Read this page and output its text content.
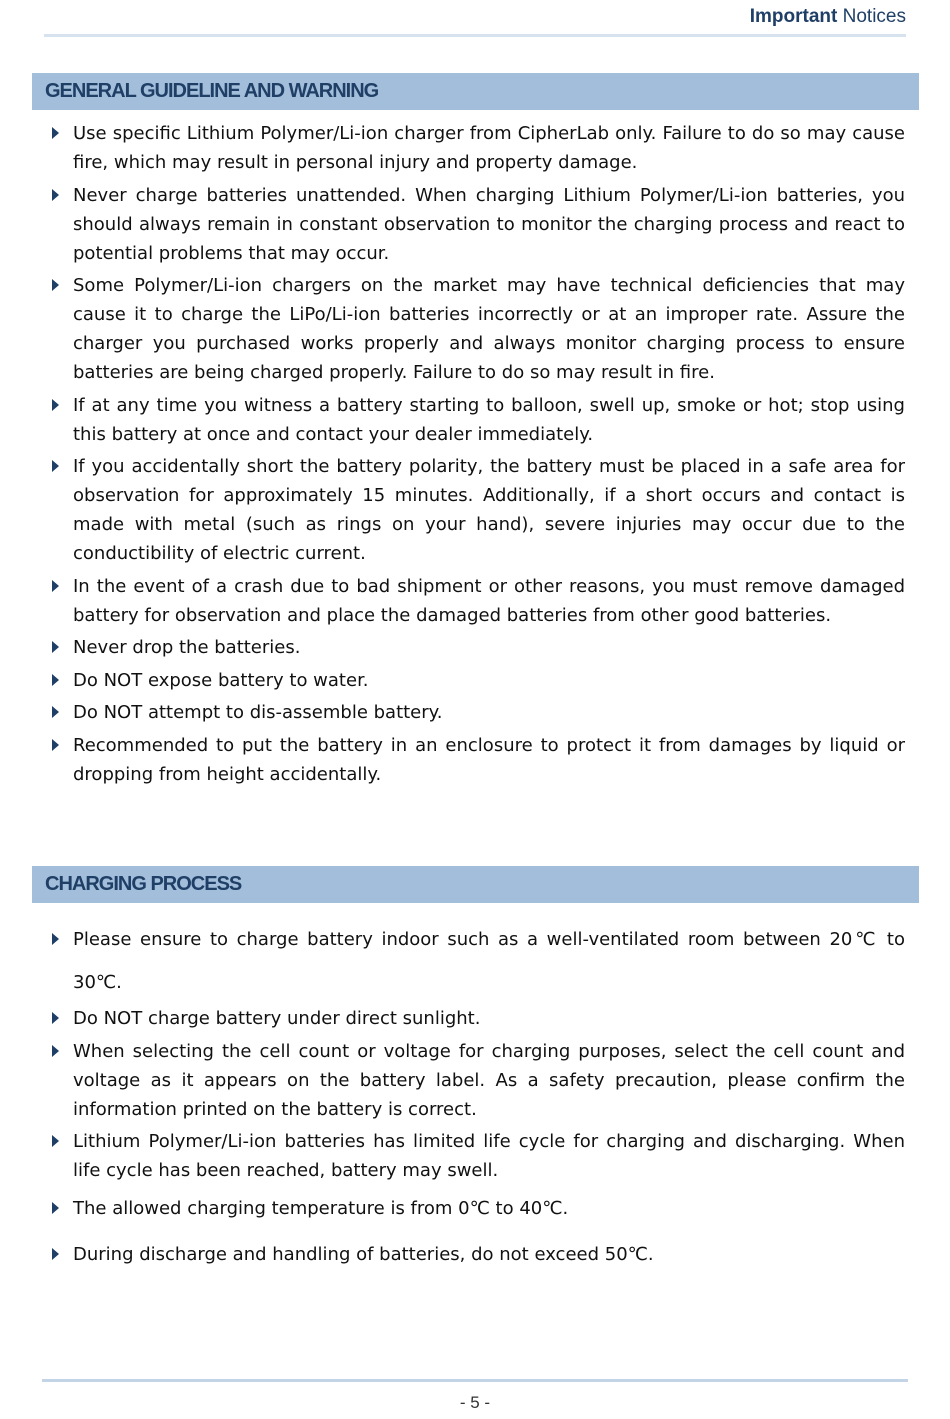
Important Notices
GENERAL GUIDELINE AND WARNING
Use specific Lithium Polymer/Li-ion charger from CipherLab only. Failure to do so may cause fire, which may result in personal injury and property damage.
Never charge batteries unattended. When charging Lithium Polymer/Li-ion batteries, you should always remain in constant observation to monitor the charging process and react to potential problems that may occur.
Some Polymer/Li-ion chargers on the market may have technical deficiencies that may cause it to charge the LiPo/Li-ion batteries incorrectly or at an improper rate. Assure the charger you purchased works properly and always monitor charging process to ensure batteries are being charged properly. Failure to do so may result in fire.
If at any time you witness a battery starting to balloon, swell up, smoke or hot; stop using this battery at once and contact your dealer immediately.
If you accidentally short the battery polarity, the battery must be placed in a safe area for observation for approximately 15 minutes. Additionally, if a short occurs and contact is made with metal (such as rings on your hand), severe injuries may occur due to the conductibility of electric current.
In the event of a crash due to bad shipment or other reasons, you must remove damaged battery for observation and place the damaged batteries from other good batteries.
Never drop the batteries.
Do NOT expose battery to water.
Do NOT attempt to dis-assemble battery.
Recommended to put the battery in an enclosure to protect it from damages by liquid or dropping from height accidentally.
CHARGING PROCESS
Please ensure to charge battery indoor such as a well-ventilated room between 20℃ to 30℃.
Do NOT charge battery under direct sunlight.
When selecting the cell count or voltage for charging purposes, select the cell count and voltage as it appears on the battery label. As a safety precaution, please confirm the information printed on the battery is correct.
Lithium Polymer/Li-ion batteries has limited life cycle for charging and discharging. When life cycle has been reached, battery may swell.
The allowed charging temperature is from 0℃ to 40℃.
During discharge and handling of batteries, do not exceed 50℃.
- 5 -
